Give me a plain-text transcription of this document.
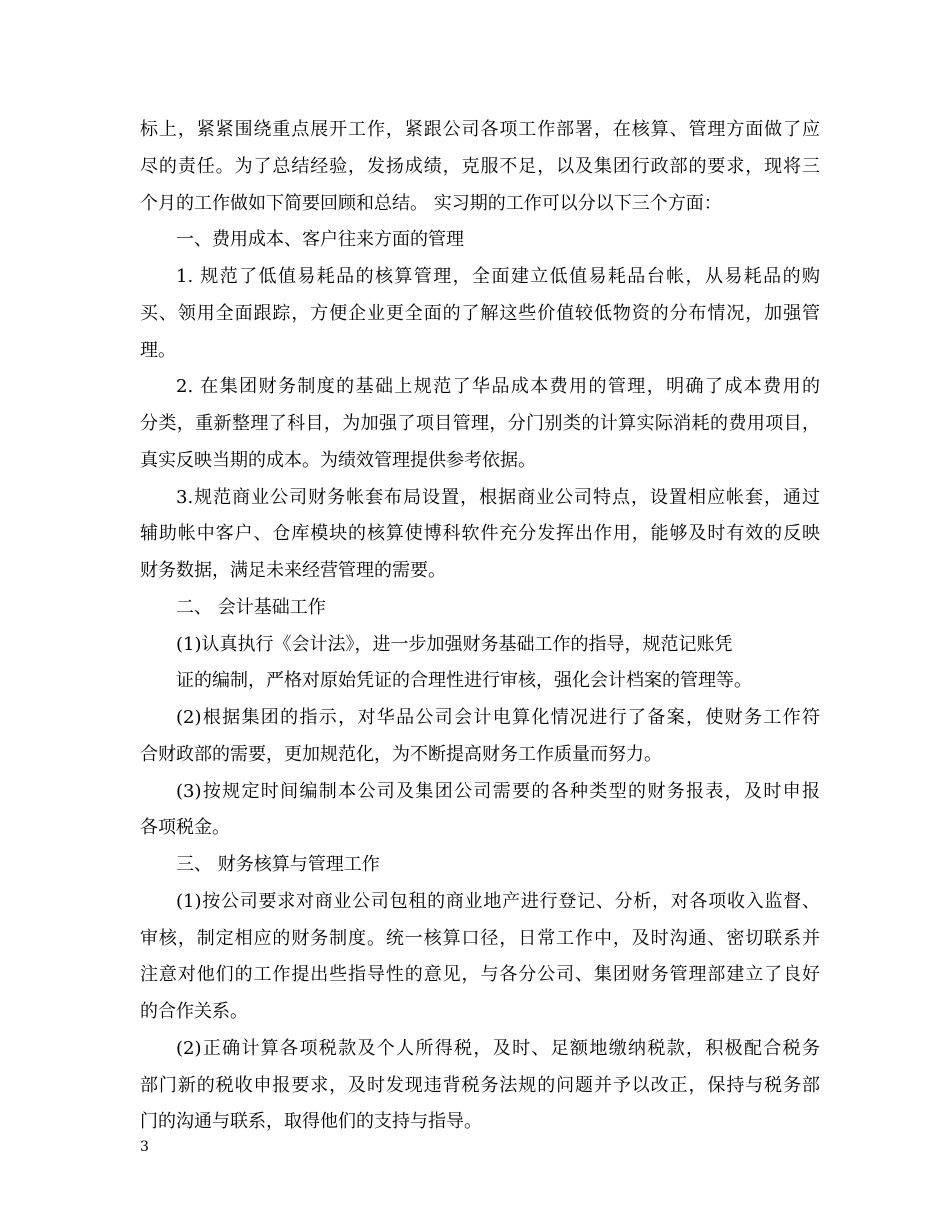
标上，紧紧围绕重点展开工作，紧跟公司各项工作部署，在核算、管理方面做了应
尽的责任。为了总结经验，发扬成绩，克服不足，以及集团行政部的要求，现将三
个月的工作做如下简要回顾和总结。 实习期的工作可以分以下三个方面：
一、费用成本、客户往来方面的管理
1. 规范了低值易耗品的核算管理，全面建立低值易耗品台帐，从易耗品的购
买、领用全面跟踪，方便企业更全面的了解这些价值较低物资的分布情况，加强管
理。
2. 在集团财务制度的基础上规范了华品成本费用的管理，明确了成本费用的
分类，重新整理了科目，为加强了项目管理，分门别类的计算实际消耗的费用项目，
真实反映当期的成本。为绩效管理提供参考依据。
3.规范商业公司财务帐套布局设置，根据商业公司特点，设置相应帐套，通过
辅助帐中客户、仓库模块的核算使博科软件充分发挥出作用，能够及时有效的反映
财务数据，满足未来经营管理的需要。
二、 会计基础工作
(1)认真执行《会计法》，进一步加强财务基础工作的指导，规范记账凭
证的编制，严格对原始凭证的合理性进行审核，强化会计档案的管理等。
(2)根据集团的指示，对华品公司会计电算化情况进行了备案，使财务工作符
合财政部的需要，更加规范化，为不断提高财务工作质量而努力。
(3)按规定时间编制本公司及集团公司需要的各种类型的财务报表，及时申报
各项税金。
三、 财务核算与管理工作
(1)按公司要求对商业公司包租的商业地产进行登记、分析，对各项收入监督、
审核，制定相应的财务制度。统一核算口径，日常工作中，及时沟通、密切联系并
注意对他们的工作提出些指导性的意见，与各分公司、集团财务管理部建立了良好
的合作关系。
(2)正确计算各项税款及个人所得税，及时、足额地缴纳税款，积极配合税务
部门新的税收申报要求，及时发现违背税务法规的问题并予以改正，保持与税务部
门的沟通与联系，取得他们的支持与指导。
3
